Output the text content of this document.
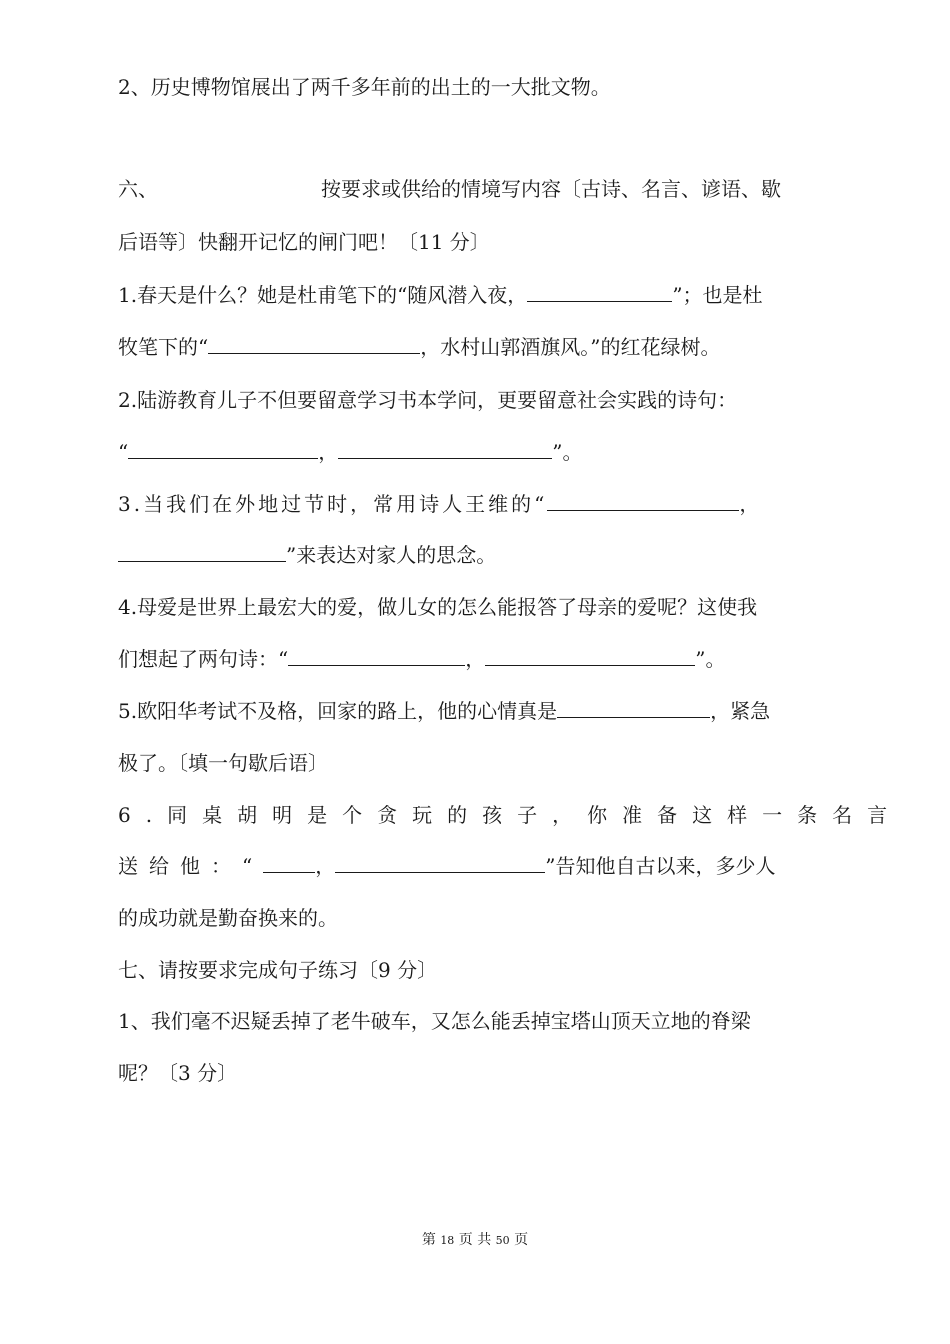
2、历史博物馆展出了两千多年前的出土的一大批文物。
六、	按要求或供给的情境写内容〔古诗、名言、谚语、歇
后语等〕快翻开记忆的闸门吧！〔11 分〕
1.春天是什么？她是杜甫笔下的“随风潜入夜，	”；也是杜
牧笔下的“	，水村山郭酒旗风。”的红花绿树。
2.陆游教育儿子不但要留意学习书本学问，更要留意社会实践的诗句：
“	，	”。
3.当我们在外地过节时，常用诗人王维的“	，
”来表达对家人的思念。
4.母爱是世界上最宏大的爱，做儿女的怎么能报答了母亲的爱呢？这使我
们想起了两句诗：“	，	”。
5.欧阳华考试不及格，回家的路上，他的心情真是	，紧急
极了。〔填一句歇后语〕
6.同桌胡明是个贪玩的孩子，你准备这样一条名言
送给他：“	，	”告知他自古以来，多少人
的成功就是勤奋换来的。
七、请按要求完成句子练习〔9 分〕
1、我们毫不迟疑丢掉了老牛破车，又怎么能丢掉宝塔山顶天立地的脊梁
呢？〔3 分〕
第 18 页 共 50 页
